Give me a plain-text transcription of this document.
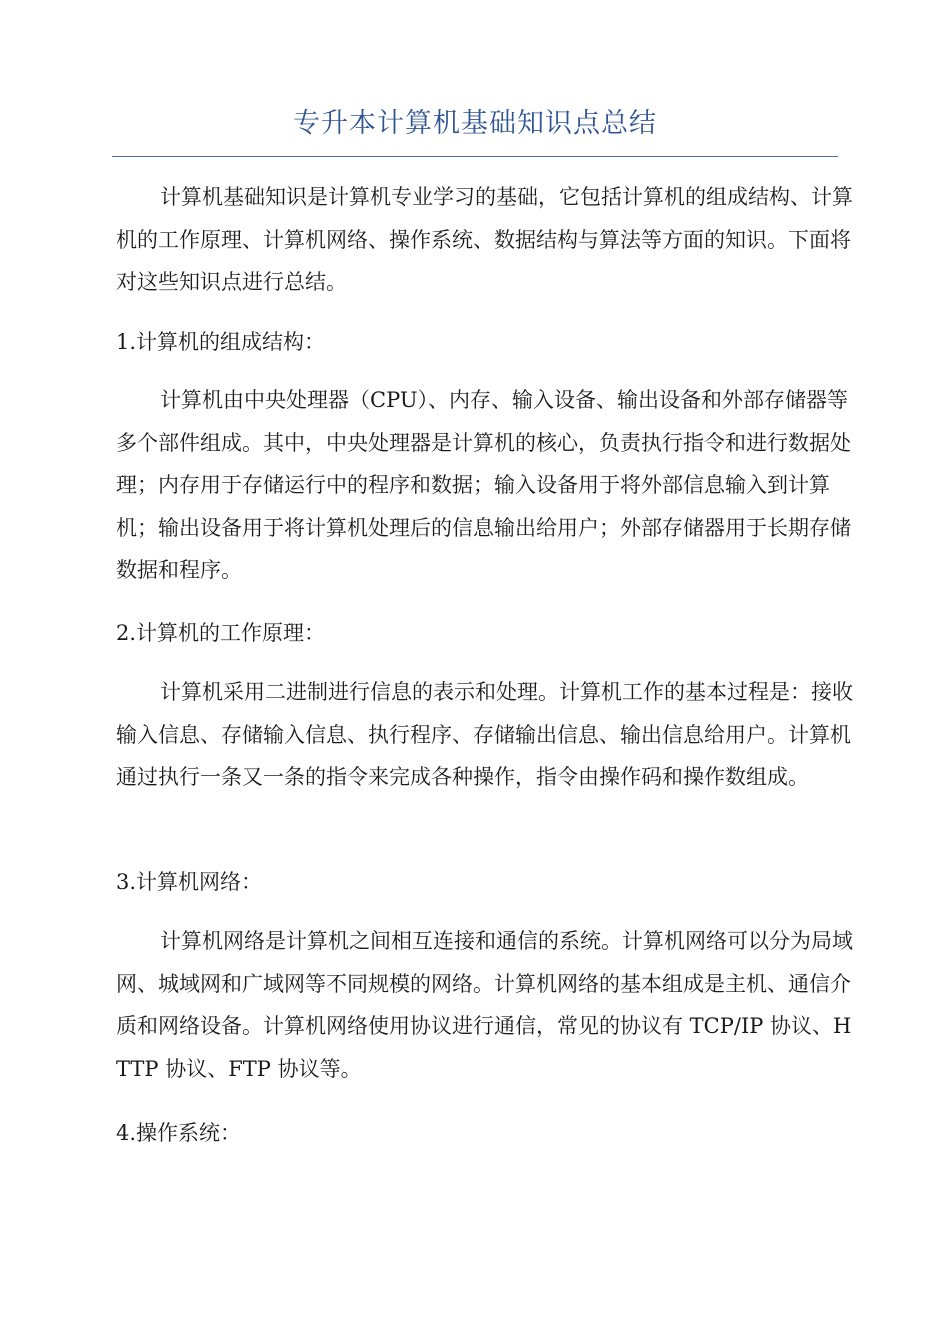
专升本计算机基础知识点总结

计算机基础知识是计算机专业学习的基础，它包括计算机的组成结构、计算机的工作原理、计算机网络、操作系统、数据结构与算法等方面的知识。下面将对这些知识点进行总结。

1.计算机的组成结构：

计算机由中央处理器（CPU）、内存、输入设备、输出设备和外部存储器等多个部件组成。其中，中央处理器是计算机的核心，负责执行指令和进行数据处理；内存用于存储运行中的程序和数据；输入设备用于将外部信息输入到计算机；输出设备用于将计算机处理后的信息输出给用户；外部存储器用于长期存储数据和程序。

2.计算机的工作原理：

计算机采用二进制进行信息的表示和处理。计算机工作的基本过程是：接收输入信息、存储输入信息、执行程序、存储输出信息、输出信息给用户。计算机通过执行一条又一条的指令来完成各种操作，指令由操作码和操作数组成。

3.计算机网络：

计算机网络是计算机之间相互连接和通信的系统。计算机网络可以分为局域网、城域网和广域网等不同规模的网络。计算机网络的基本组成是主机、通信介质和网络设备。计算机网络使用协议进行通信，常见的协议有 TCP/IP 协议、HTTP 协议、FTP 协议等。

4.操作系统：
